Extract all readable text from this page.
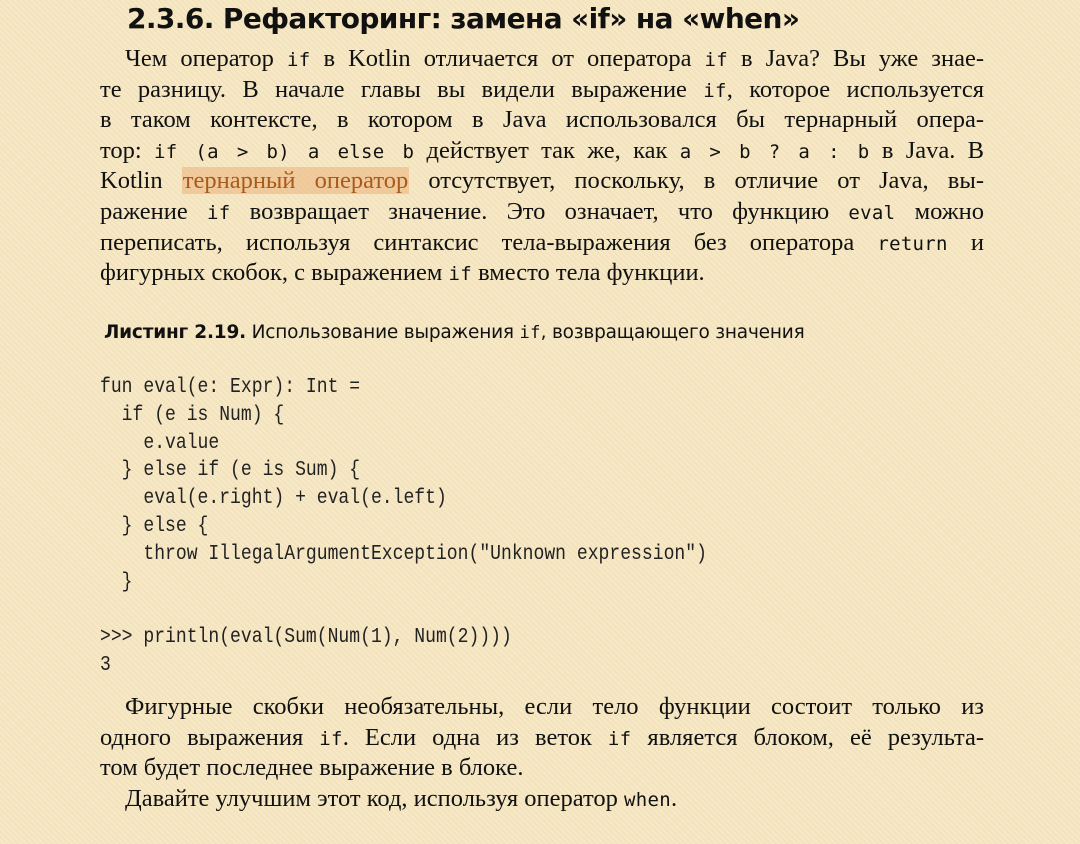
2.3.6. Рефакторинг: замена «if» на «when»
Чем оператор if в Kotlin отличается от оператора if в Java? Вы уже знае-
те разницу. В начале главы вы видели выражение if, которое используется
в таком контексте, в котором в Java использовался бы тернарный опера-
тор: if (a > b) a else b действует так же, как a > b ? a : b в Java. В
Kotlin тернарный оператор отсутствует, поскольку, в отличие от Java, вы-
ражение if возвращает значение. Это означает, что функцию eval можно
переписать, используя синтаксис тела-выражения без оператора return и
фигурных скобок, с выражением if вместо тела функции.
Листинг 2.19. Использование выражения if, возвращающего значения
fun eval(e: Expr): Int =
if (e is Num) {
e.value
} else if (e is Sum) {
eval(e.right) + eval(e.left)
} else {
throw IllegalArgumentException("Unknown expression")
}
>>> println(eval(Sum(Num(1), Num(2))))
3
Фигурные скобки необязательны, если тело функции состоит только из
одного выражения if. Если одна из веток if является блоком, её результа-
том будет последнее выражение в блоке.
Давайте улучшим этот код, используя оператор when.
